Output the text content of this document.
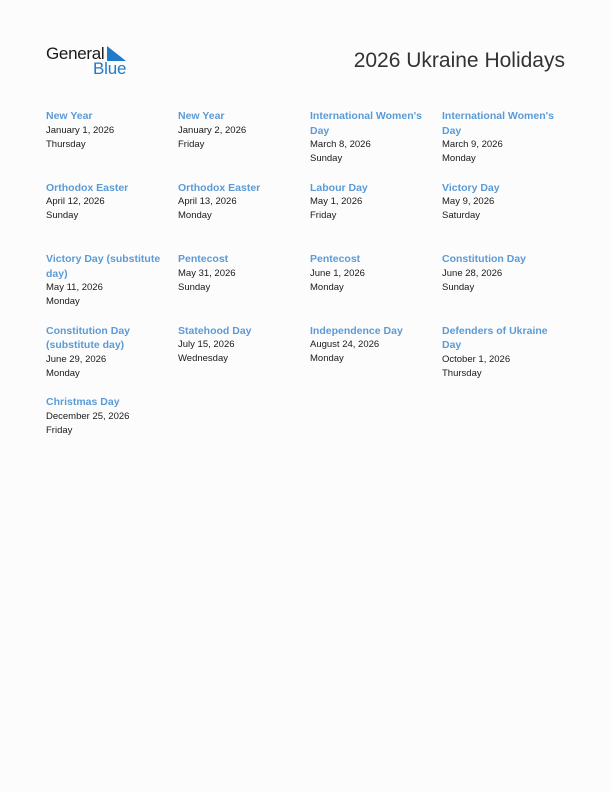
General
Blue	2026 Ukraine Holidays
New Year
January 1, 2026
Thursday
New Year
January 2, 2026
Friday
International Women's Day
March 8, 2026
Sunday
International Women's Day
March 9, 2026
Monday
Orthodox Easter
April 12, 2026
Sunday
Orthodox Easter
April 13, 2026
Monday
Labour Day
May 1, 2026
Friday
Victory Day
May 9, 2026
Saturday
Victory Day (substitute day)
May 11, 2026
Monday
Pentecost
May 31, 2026
Sunday
Pentecost
June 1, 2026
Monday
Constitution Day
June 28, 2026
Sunday
Constitution Day (substitute day)
June 29, 2026
Monday
Statehood Day
July 15, 2026
Wednesday
Independence Day
August 24, 2026
Monday
Defenders of Ukraine Day
October 1, 2026
Thursday
Christmas Day
December 25, 2026
Friday
